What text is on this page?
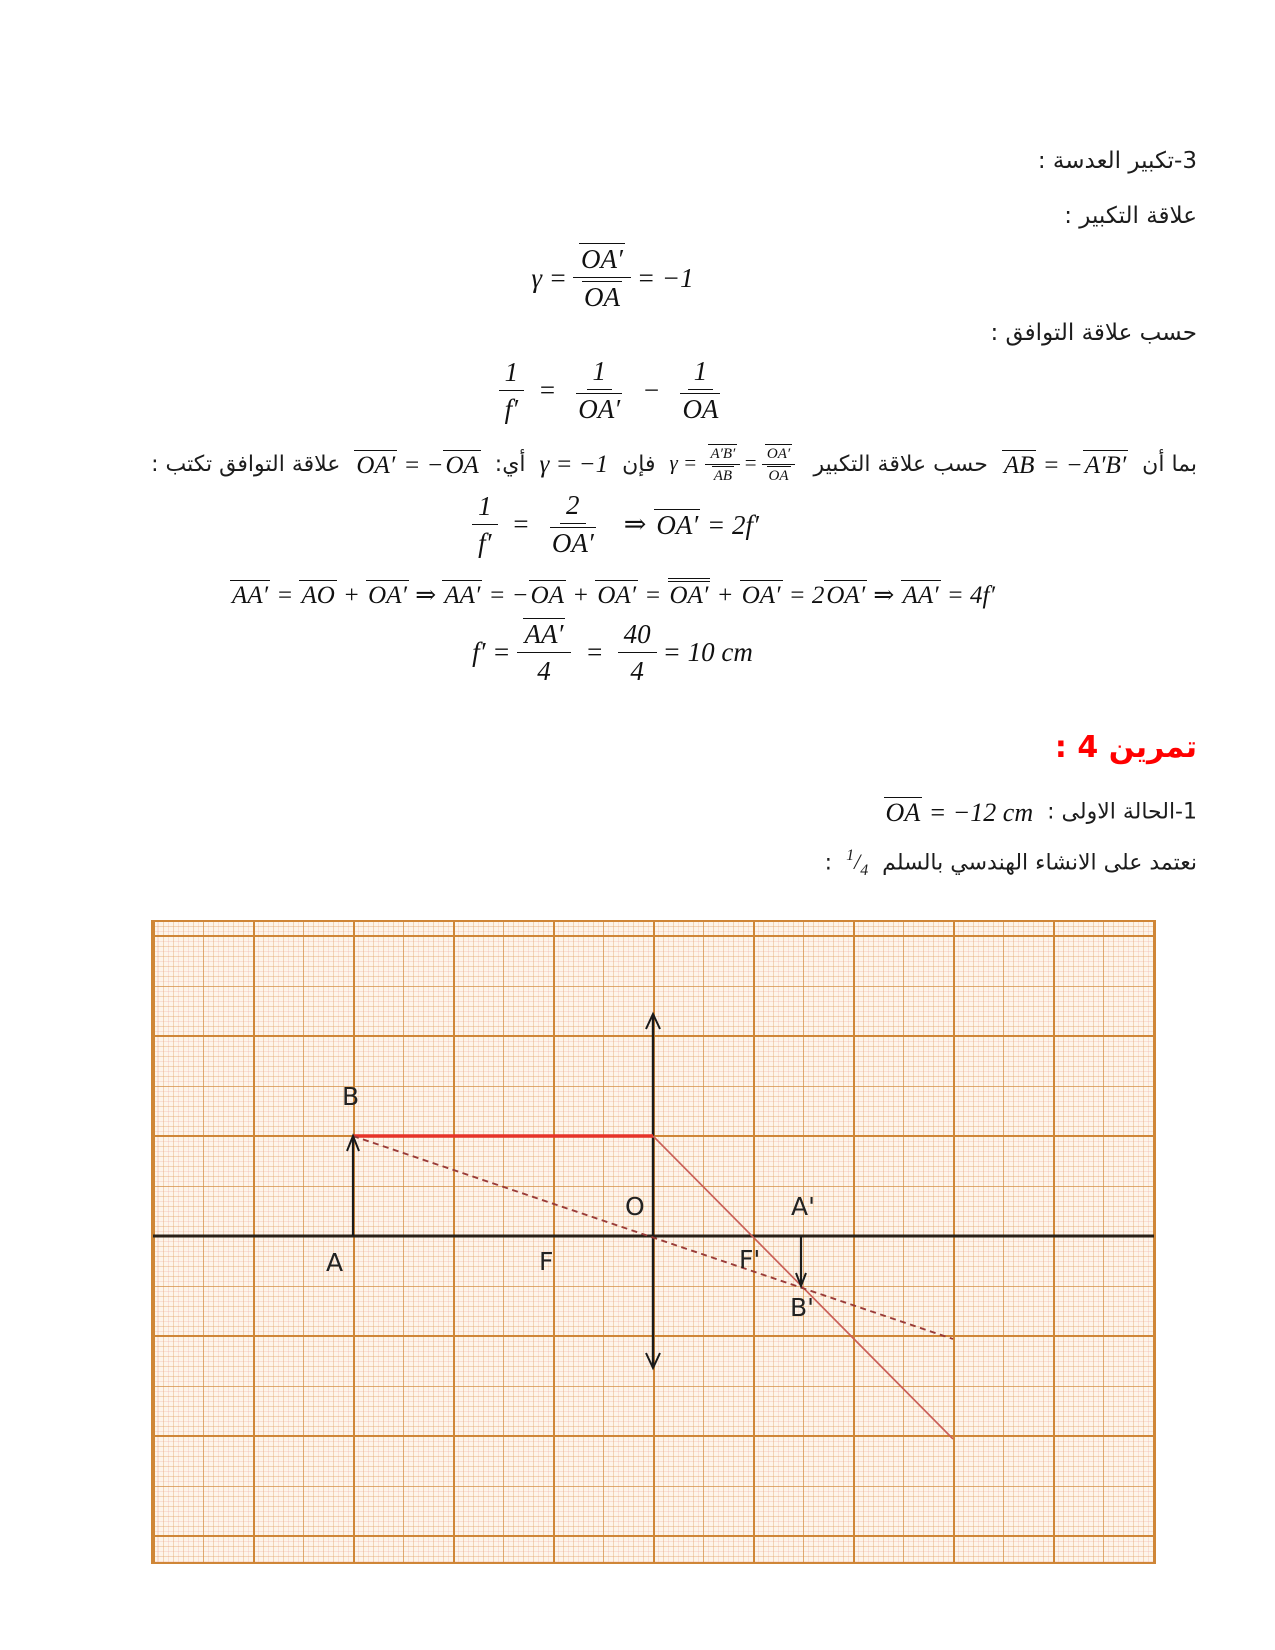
3-تكبير العدسة :
علاقة التكبير :
$\gamma = \frac{OA'}{OA} = -1$
حسب علاقة التوافق :
$\frac{1}{f'} = \frac{1}{OA'} - \frac{1}{OA}$
بما أن AB = −A′B′ حسب علاقة التكبير $\gamma = \frac{A'B'}{AB} = \frac{OA'}{OA}$
فإن γ = −1 أي: OA′ = −OA علاقة التوافق تكتب :
$\frac{1}{f'} = \frac{2}{OA'}$ ⇒ OA′ = 2f′
AA′ = AO + OA′ ⇒ AA′ = −OA + OA′ = OA′ + OA′ = 2OA′ ⇒ AA′ = 4f′
$f' = \frac{AA'}{4} = \frac{40}{4} = 10$ cm
تمرين 4 :
1-الحالة الاولى : OA = −12 cm
نعتمد على الانشاء الهندسي بالسلم $^1/_4$ :
B
A
O
F	F'
A'
B'
